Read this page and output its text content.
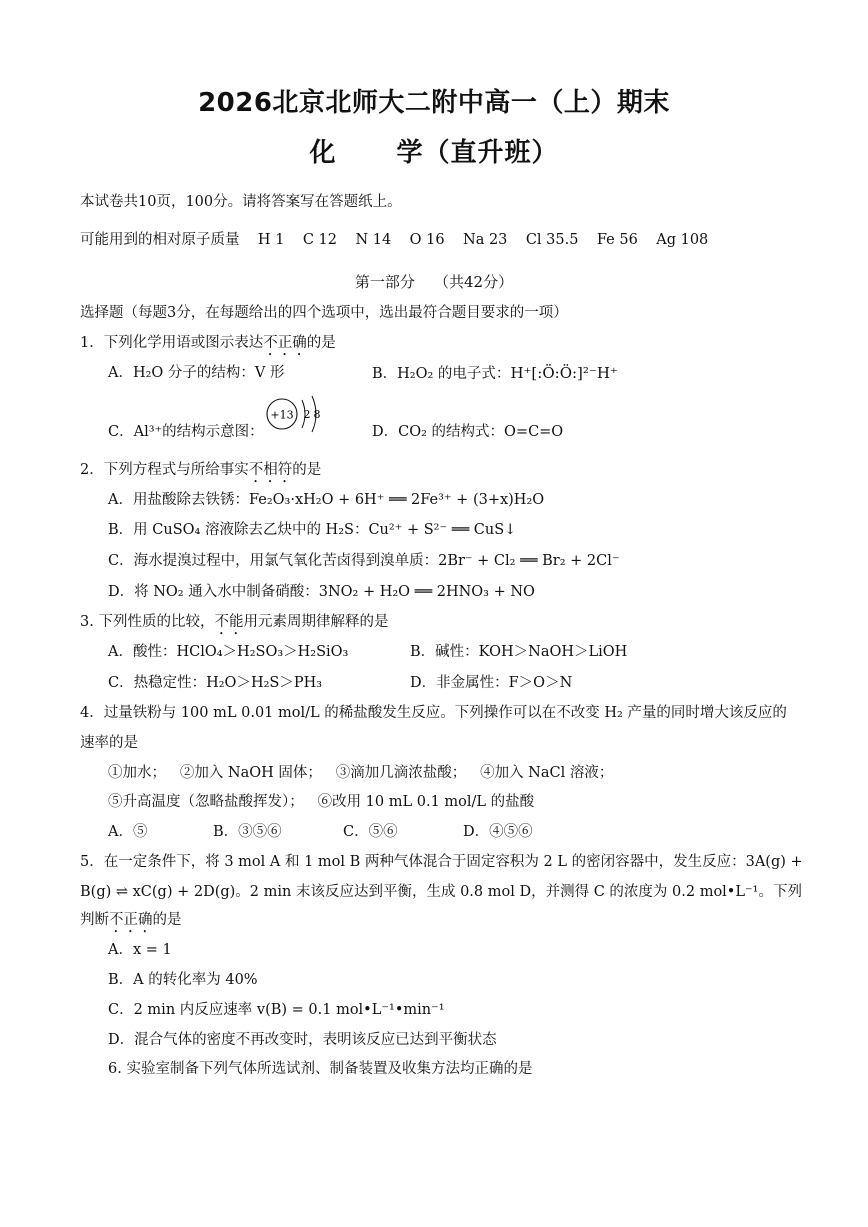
2026北京北师大二附中高一（上）期末
化 学（直升班）
本试卷共10页，100分。请将答案写在答题纸上。
可能用到的相对原子质量    H 1    C 12    N 14    O 16    Na 23    Cl 35.5    Fe 56    Ag 108
第一部分    （共42分）
选择题（每题3分，在每题给出的四个选项中，选出最符合题目要求的一项）
1．下列化学用语或图示表达不正确的是
A．H₂O 分子的结构：V 形	B．H₂O₂ 的电子式：H⁺[:Ö:Ö:]²⁻H⁺
C．Al³⁺的结构示意图：
+13 2 8
D．CO₂ 的结构式：O=C=O
2．下列方程式与所给事实不相符的是
A．用盐酸除去铁锈：Fe₂O₃·xH₂O + 6H⁺ ══ 2Fe³⁺ + (3+x)H₂O
B．用 CuSO₄ 溶液除去乙炔中的 H₂S：Cu²⁺ + S²⁻ ══ CuS↓
C．海水提溴过程中，用氯气氧化苦卤得到溴单质：2Br⁻ + Cl₂ ══ Br₂ + 2Cl⁻
D．将 NO₂ 通入水中制备硝酸：3NO₂ + H₂O ══ 2HNO₃ + NO
3. 下列性质的比较，不能用元素周期律解释的是
A．酸性：HClO₄＞H₂SO₃＞H₂SiO₃	B．碱性：KOH＞NaOH＞LiOH
C．热稳定性：H₂O＞H₂S＞PH₃	D．非金属性：F＞O＞N
4．过量铁粉与 100 mL 0.01 mol/L 的稀盐酸发生反应。下列操作可以在不改变 H₂ 产量的同时增大该反应的
速率的是
①加水；   ②加入 NaOH 固体；   ③滴加几滴浓盐酸；   ④加入 NaCl 溶液；
⑤升高温度（忽略盐酸挥发）；   ⑥改用 10 mL 0.1 mol/L 的盐酸
A．⑤	B．③⑤⑥	C．⑤⑥	D．④⑤⑥
5．在一定条件下，将 3 mol A 和 1 mol B 两种气体混合于固定容积为 2 L 的密闭容器中，发生反应：3A(g) +
B(g) ⇌ xC(g) + 2D(g)。2 min 末该反应达到平衡，生成 0.8 mol D，并测得 C 的浓度为 0.2 mol•L⁻¹。下列
判断不正确的是
A．x = 1
B．A 的转化率为 40%
C．2 min 内反应速率 v(B) = 0.1 mol•L⁻¹•min⁻¹
D．混合气体的密度不再改变时，表明该反应已达到平衡状态
6. 实验室制备下列气体所选试剂、制备装置及收集方法均正确的是
